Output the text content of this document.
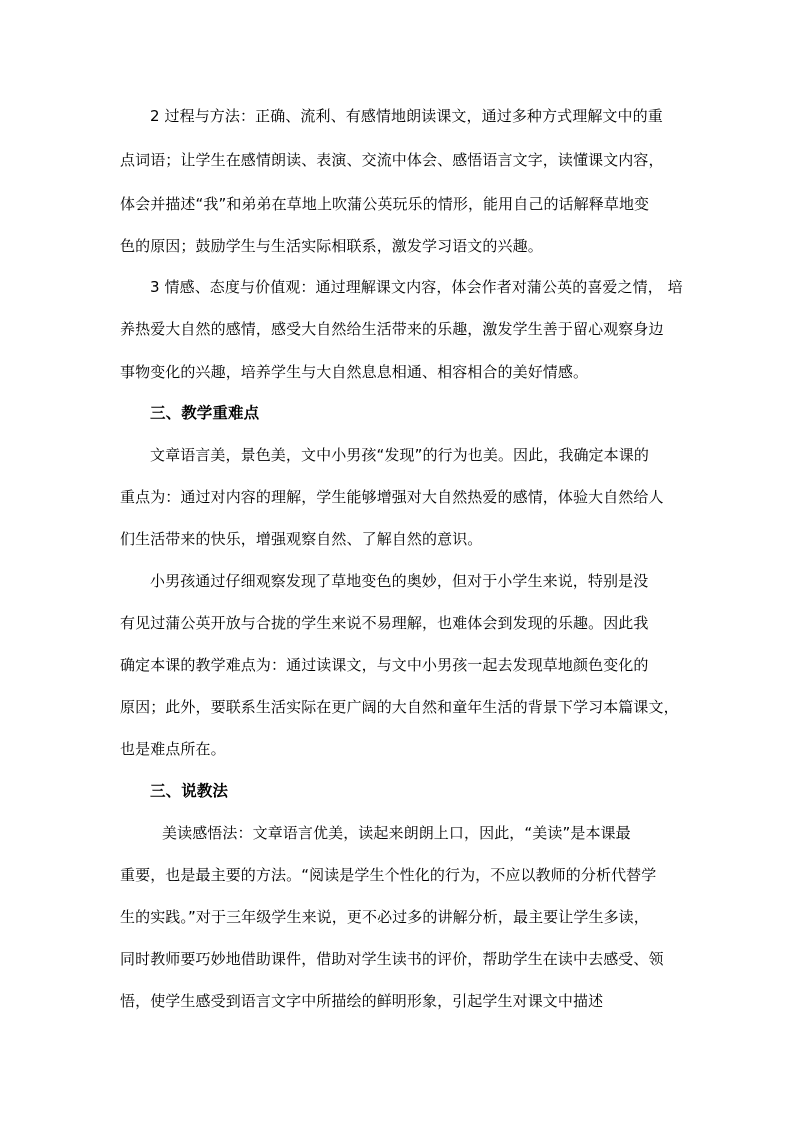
2 过程与方法：正确、流利、有感情地朗读课文，通过多种方式理解文中的重
点词语；让学生在感情朗读、表演、交流中体会、感悟语言文字，读懂课文内容，
体会并描述“我”和弟弟在草地上吹蒲公英玩乐的情形，能用自己的话解释草地变
色的原因；鼓励学生与生活实际相联系，激发学习语文的兴趣。
3 情感、态度与价值观：通过理解课文内容，体会作者对蒲公英的喜爱之情， 培
养热爱大自然的感情，感受大自然给生活带来的乐趣，激发学生善于留心观察身边
事物变化的兴趣，培养学生与大自然息息相通、相容相合的美好情感。
三、教学重难点
文章语言美，景色美，文中小男孩“发现”的行为也美。因此，我确定本课的
重点为：通过对内容的理解，学生能够增强对大自然热爱的感情，体验大自然给人
们生活带来的快乐，增强观察自然、了解自然的意识。
小男孩通过仔细观察发现了草地变色的奥妙，但对于小学生来说，特别是没
有见过蒲公英开放与合拢的学生来说不易理解，也难体会到发现的乐趣。因此我
确定本课的教学难点为：通过读课文，与文中小男孩一起去发现草地颜色变化的
原因；此外，要联系生活实际在更广阔的大自然和童年生活的背景下学习本篇课文，
也是难点所在。
三、说教法
美读感悟法：文章语言优美，读起来朗朗上口，因此，“美读”是本课最
重要，也是最主要的方法。“阅读是学生个性化的行为，不应以教师的分析代替学
生的实践。”对于三年级学生来说，更不必过多的讲解分析，最主要让学生多读，
同时教师要巧妙地借助课件，借助对学生读书的评价，帮助学生在读中去感受、领
悟，使学生感受到语言文字中所描绘的鲜明形象，引起学生对课文中描述
